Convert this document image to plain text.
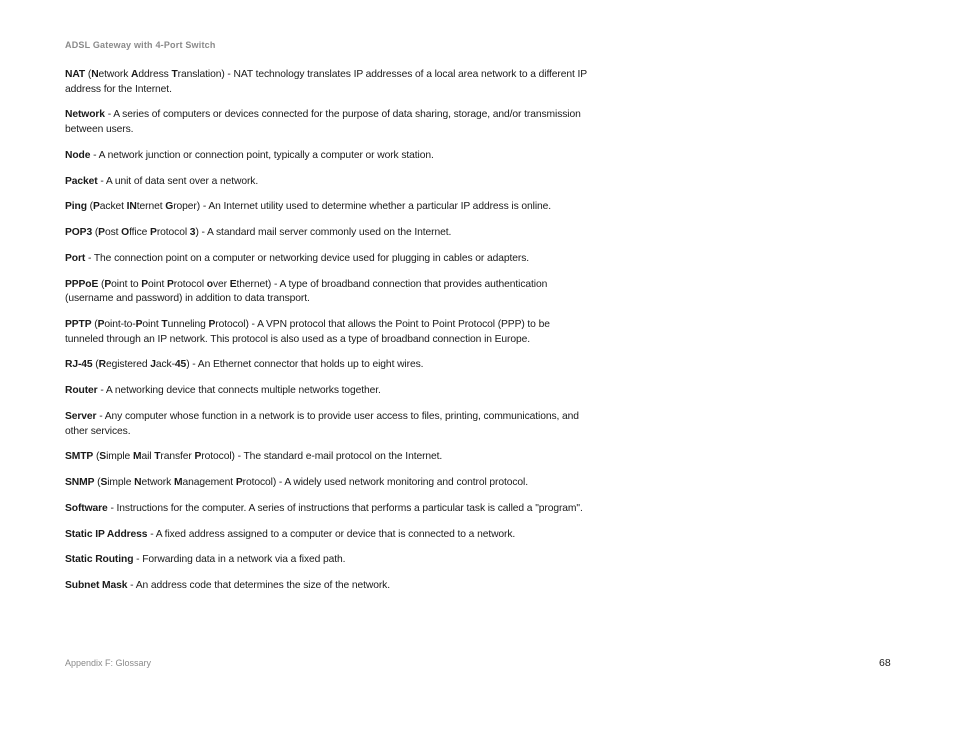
ADSL Gateway with 4-Port Switch

NAT (Network Address Translation) - NAT technology translates IP addresses of a local area network to a different IP address for the Internet.

Network - A series of computers or devices connected for the purpose of data sharing, storage, and/or transmission between users.

Node - A network junction or connection point, typically a computer or work station.

Packet - A unit of data sent over a network.

Ping (Packet INternet Groper) - An Internet utility used to determine whether a particular IP address is online.

POP3 (Post Office Protocol 3) - A standard mail server commonly used on the Internet.

Port - The connection point on a computer or networking device used for plugging in cables or adapters.

PPPoE (Point to Point Protocol over Ethernet) - A type of broadband connection that provides authentication (username and password) in addition to data transport.

PPTP (Point-to-Point Tunneling Protocol) - A VPN protocol that allows the Point to Point Protocol (PPP) to be tunneled through an IP network. This protocol is also used as a type of broadband connection in Europe.

RJ-45 (Registered Jack-45) - An Ethernet connector that holds up to eight wires.

Router - A networking device that connects multiple networks together.

Server - Any computer whose function in a network is to provide user access to files, printing, communications, and other services.

SMTP (Simple Mail Transfer Protocol) - The standard e-mail protocol on the Internet.

SNMP (Simple Network Management Protocol) - A widely used network monitoring and control protocol.

Software - Instructions for the computer. A series of instructions that performs a particular task is called a "program".

Static IP Address - A fixed address assigned to a computer or device that is connected to a network.

Static Routing - Forwarding data in a network via a fixed path.

Subnet Mask - An address code that determines the size of the network.

Appendix F: Glossary	68
